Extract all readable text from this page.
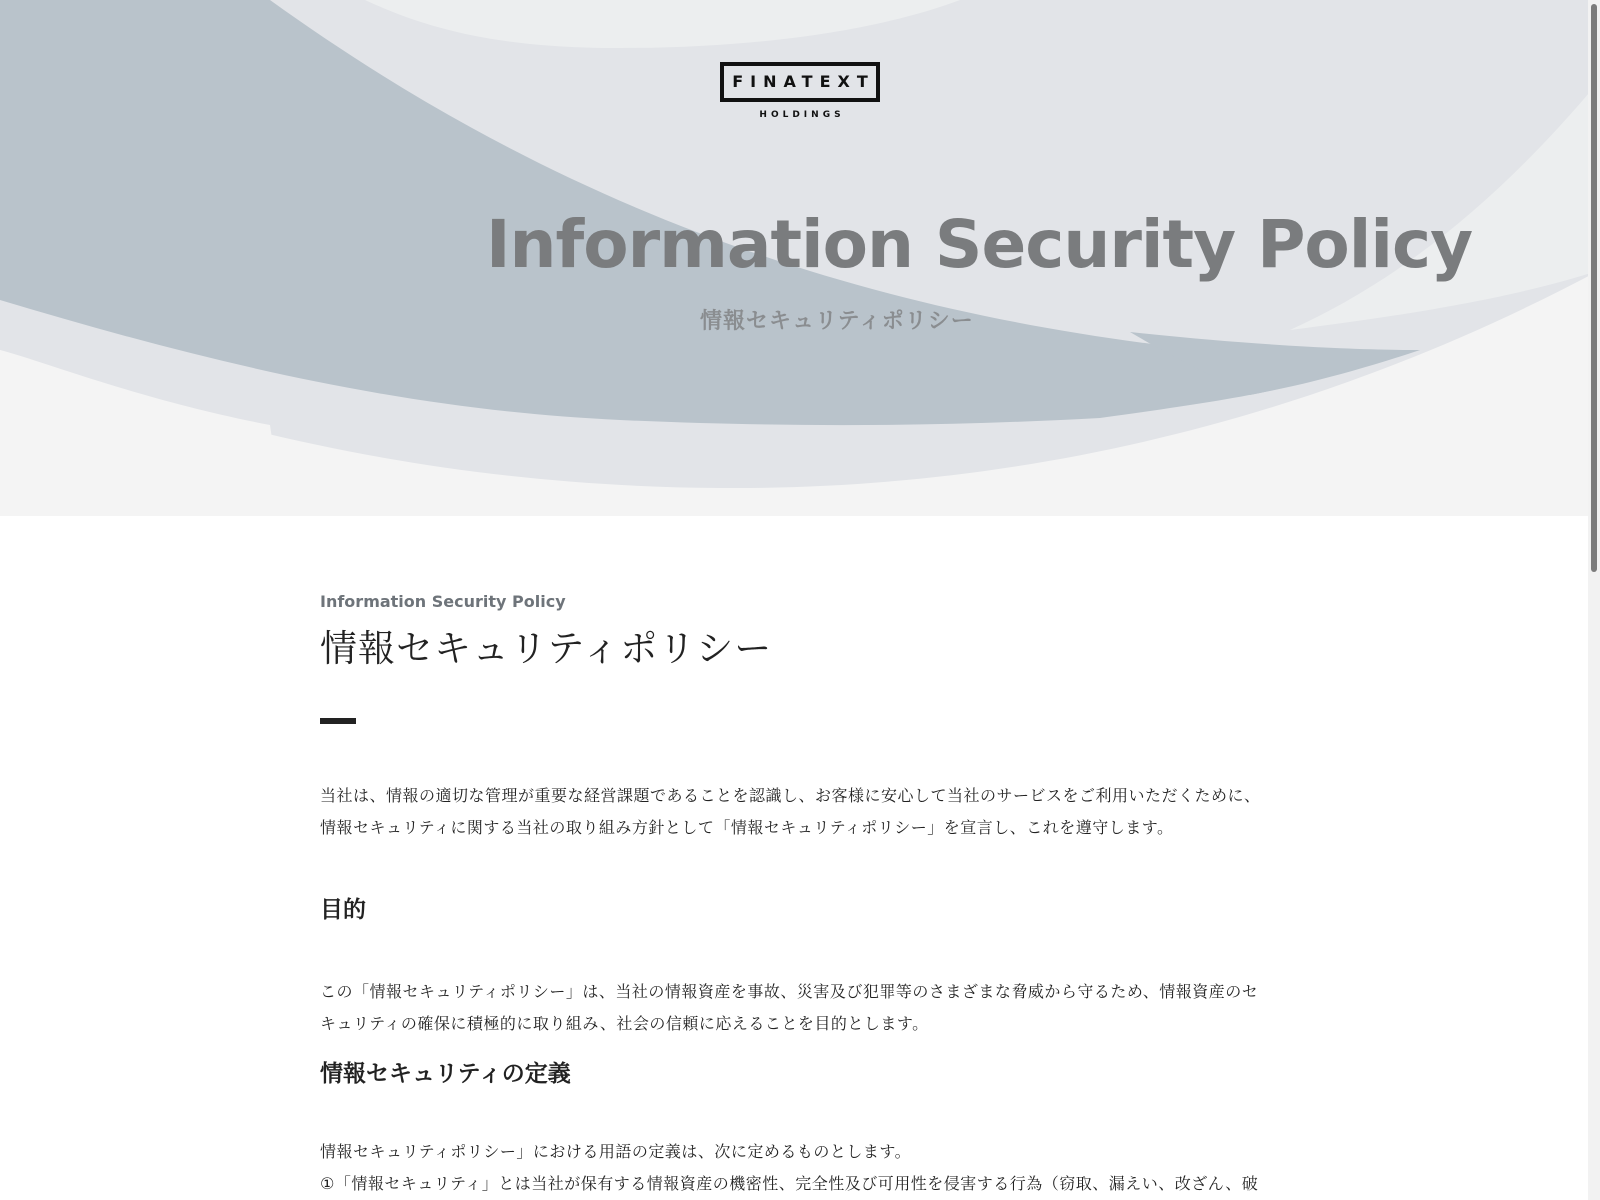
FINATEXT
HOLDINGS
Information Security Policy

情報セキュリティポリシー

Information Security Policy

情報セキュリティポリシー

当社は、情報の適切な管理が重要な経営課題であることを認識し、お客様に安心して当社のサービスをご利用いただくために、 情報セキュリティに関する当社の取り組み方針として「情報セキュリティポリシー」を宣言し、これを遵守します。

目的

この「情報セキュリティポリシー」は、当社の情報資産を事故、災害及び犯罪等のさまざまな脅威から守るため、情報資産のセキュリティの確保に積極的に取り組み、社会の信頼に応えることを目的とします。

情報セキュリティの定義

情報セキュリティポリシー」における用語の定義は、次に定めるものとします。

①「情報セキュリティ」とは当社が保有する情報資産の機密性、完全性及び可用性を侵害する行為（窃取、漏えい、改ざん、破
